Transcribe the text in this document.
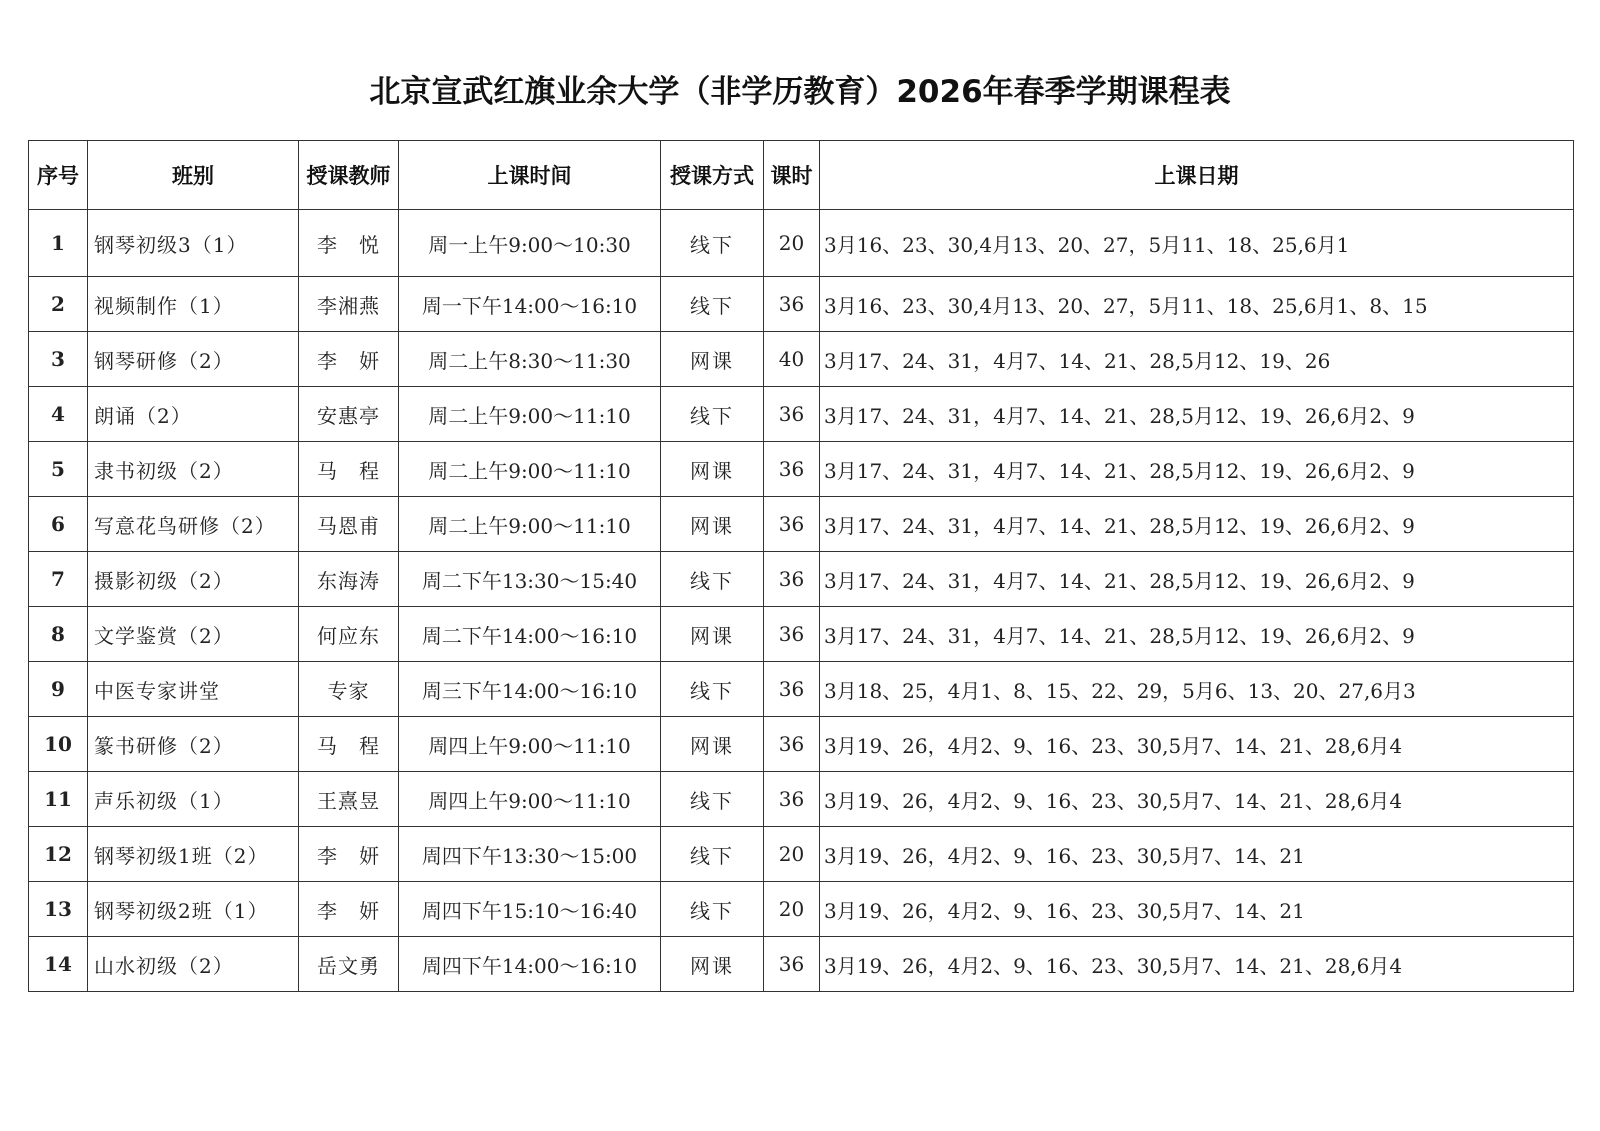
北京宣武红旗业余大学（非学历教育）2026年春季学期课程表
序号	班别	授课教师	上课时间	授课方式	课时	上课日期
1	钢琴初级3（1）	李　悦	周一上午9:00～10:30	线下	20	3月16、23、30,4月13、20、27，5月11、18、25,6月1
2	视频制作（1）	李湘燕	周一下午14:00～16:10	线下	36	3月16、23、30,4月13、20、27，5月11、18、25,6月1、8、15
3	钢琴研修（2）	李　妍	周二上午8:30～11:30	网课	40	3月17、24、31，4月7、14、21、28,5月12、19、26
4	朗诵（2）	安惠亭	周二上午9:00～11:10	线下	36	3月17、24、31，4月7、14、21、28,5月12、19、26,6月2、9
5	隶书初级（2）	马　程	周二上午9:00～11:10	网课	36	3月17、24、31，4月7、14、21、28,5月12、19、26,6月2、9
6	写意花鸟研修（2）	马恩甫	周二上午9:00～11:10	网课	36	3月17、24、31，4月7、14、21、28,5月12、19、26,6月2、9
7	摄影初级（2）	东海涛	周二下午13:30～15:40	线下	36	3月17、24、31，4月7、14、21、28,5月12、19、26,6月2、9
8	文学鉴赏（2）	何应东	周二下午14:00～16:10	网课	36	3月17、24、31，4月7、14、21、28,5月12、19、26,6月2、9
9	中医专家讲堂	专家	周三下午14:00～16:10	线下	36	3月18、25，4月1、8、15、22、29，5月6、13、20、27,6月3
10	篆书研修（2）	马　程	周四上午9:00～11:10	网课	36	3月19、26，4月2、9、16、23、30,5月7、14、21、28,6月4
11	声乐初级（1）	王熹昱	周四上午9:00～11:10	线下	36	3月19、26，4月2、9、16、23、30,5月7、14、21、28,6月4
12	钢琴初级1班（2）	李　妍	周四下午13:30～15:00	线下	20	3月19、26，4月2、9、16、23、30,5月7、14、21
13	钢琴初级2班（1）	李　妍	周四下午15:10～16:40	线下	20	3月19、26，4月2、9、16、23、30,5月7、14、21
14	山水初级（2）	岳文勇	周四下午14:00～16:10	网课	36	3月19、26，4月2、9、16、23、30,5月7、14、21、28,6月4
